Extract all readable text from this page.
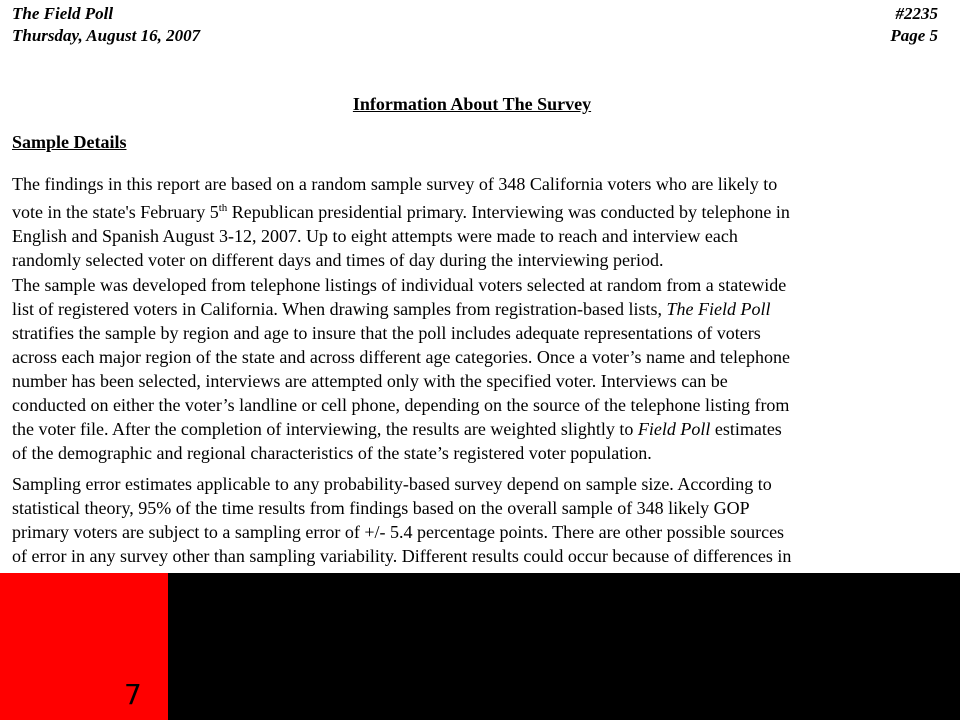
The Field Poll
Thursday, August 16, 2007
#2235
Page 5
Information About The Survey
Sample Details
The findings in this report are based on a random sample survey of 348 California voters who are likely to
vote in the state's February 5th Republican presidential primary. Interviewing was conducted by telephone in
English and Spanish August 3-12, 2007. Up to eight attempts were made to reach and interview each
randomly selected voter on different days and times of day during the interviewing period.
The sample was developed from telephone listings of individual voters selected at random from a statewide
list of registered voters in California. When drawing samples from registration-based lists, The Field Poll
stratifies the sample by region and age to insure that the poll includes adequate representations of voters
across each major region of the state and across different age categories. Once a voter’s name and telephone
number has been selected, interviews are attempted only with the specified voter. Interviews can be
conducted on either the voter’s landline or cell phone, depending on the source of the telephone listing from
the voter file. After the completion of interviewing, the results are weighted slightly to Field Poll estimates
of the demographic and regional characteristics of the state’s registered voter population.
Sampling error estimates applicable to any probability-based survey depend on sample size. According to
statistical theory, 95% of the time results from findings based on the overall sample of 348 likely GOP
primary voters are subject to a sampling error of +/- 5.4 percentage points. There are other possible sources
of error in any survey other than sampling variability. Different results could occur because of differences in
7
